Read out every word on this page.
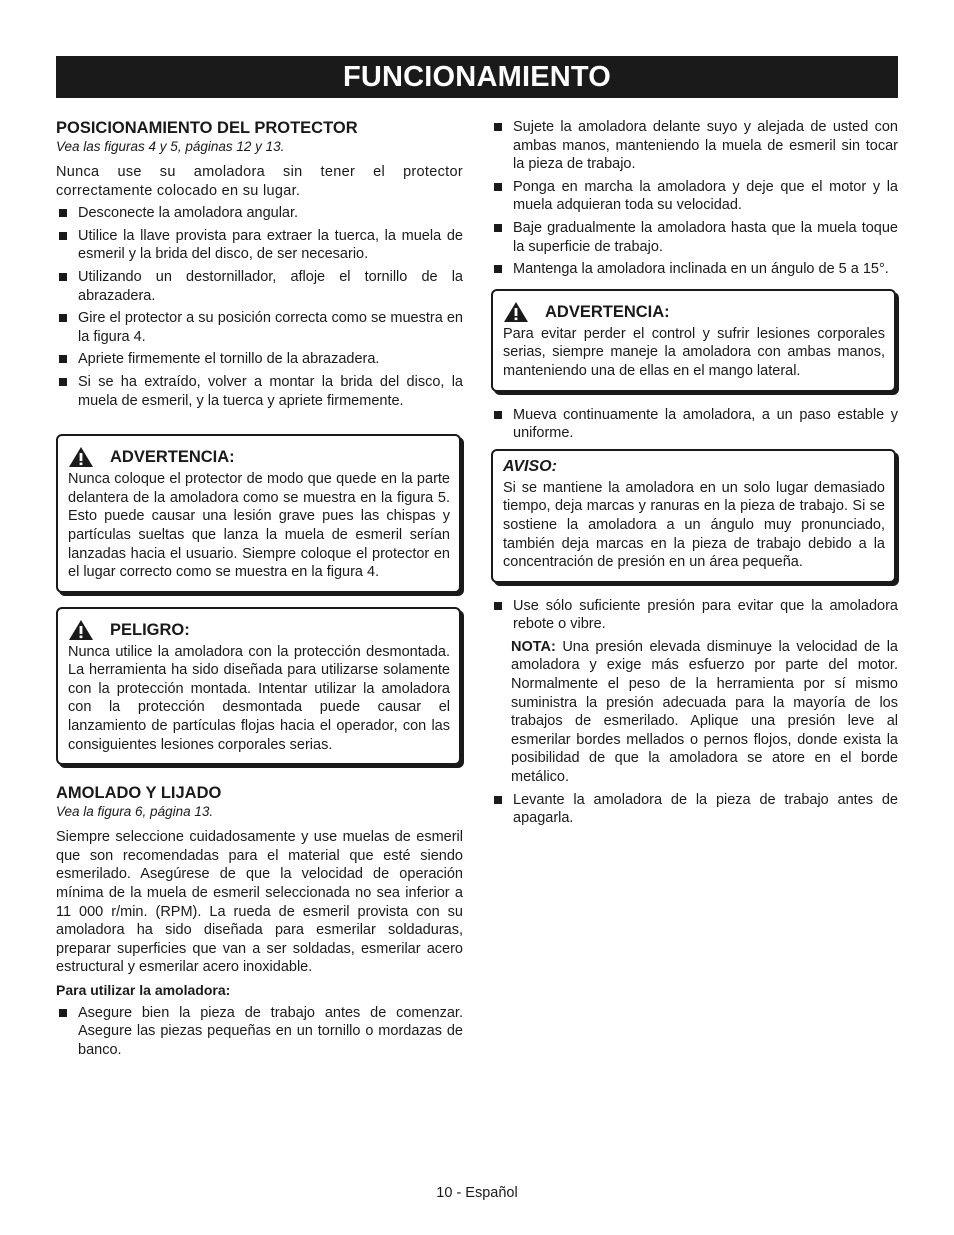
FUNCIONAMIENTO
POSICIONAMIENTO DEL PROTECTOR

Vea las figuras 4 y 5, páginas 12 y 13.

Nunca use su amoladora sin tener el protector correctamente colocado en su lugar.

Desconecte la amoladora angular.
Utilice la llave provista para extraer la tuerca, la muela de esmeril y la brida del disco, de ser necesario.
Utilizando un destornillador, afloje el tornillo de la abrazadera.
Gire el protector a su posición correcta como se muestra en la figura 4.
Apriete firmemente el tornillo de la abrazadera.
Si se ha extraído, volver a montar la brida del disco, la muela de esmeril, y la tuerca y apriete firmemente.
ADVERTENCIA:

Nunca coloque el protector de modo que quede en la parte delantera de la amoladora como se muestra en la figura 5. Esto puede causar una lesión grave pues las chispas y partículas sueltas que lanza la muela de esmeril serían lanzadas hacia el usuario. Siempre coloque el protector en el lugar correcto como se muestra en la figura 4.

PELIGRO:

Nunca utilice la amoladora con la protección desmontada. La herramienta ha sido diseñada para utilizarse solamente con la protección montada. Intentar utilizar la amoladora con la protección desmontada puede causar el lanzamiento de partículas flojas hacia el operador, con las consiguientes lesiones corporales serias.

AMOLADO Y LIJADO

Vea la figura 6, página 13.

Siempre seleccione cuidadosamente y use muelas de esmeril que son recomendadas para el material que esté siendo esmerilado. Asegúrese de que la velocidad de operación mínima de la muela de esmeril seleccionada no sea inferior a 11 000 r/min. (RPM). La rueda de esmeril provista con su amoladora ha sido diseñada para esmerilar soldaduras, preparar superficies que van a ser soldadas, esmerilar acero estructural y esmerilar acero inoxidable.

Para utilizar la amoladora:

Asegure bien la pieza de trabajo antes de comenzar. Asegure las piezas pequeñas en un tornillo o mordazas de banco.
Sujete la amoladora delante suyo y alejada de usted con ambas manos, manteniendo la muela de esmeril sin tocar la pieza de trabajo.
Ponga en marcha la amoladora y deje que el motor y la muela adquieran toda su velocidad.
Baje gradualmente la amoladora hasta que la muela toque la superficie de trabajo.
Mantenga la amoladora inclinada en un ángulo de 5 a 15°.
ADVERTENCIA:

Para evitar perder el control y sufrir lesiones corporales serias, siempre maneje la amoladora con ambas manos, manteniendo una de ellas en el mango lateral.

Mueva continuamente la amoladora, a un paso estable y uniforme.
AVISO:

Si se mantiene la amoladora en un solo lugar demasiado tiempo, deja marcas y ranuras en la pieza de trabajo. Si se sostiene la amoladora a un ángulo muy pronunciado, también deja marcas en la pieza de trabajo debido a la concentración de presión en un área pequeña.

Use sólo suficiente presión para evitar que la amoladora rebote o vibre.

NOTA: Una presión elevada disminuye la velocidad de la amoladora y exige más esfuerzo por parte del motor. Normalmente el peso de la herramienta por sí mismo suministra la presión adecuada para la mayoría de los trabajos de esmerilado. Aplique una presión leve al esmerilar bordes mellados o pernos flojos, donde exista la posibilidad de que la amoladora se atore en el borde metálico.

Levante la amoladora de la pieza de trabajo antes de apagarla.
10 - Español
